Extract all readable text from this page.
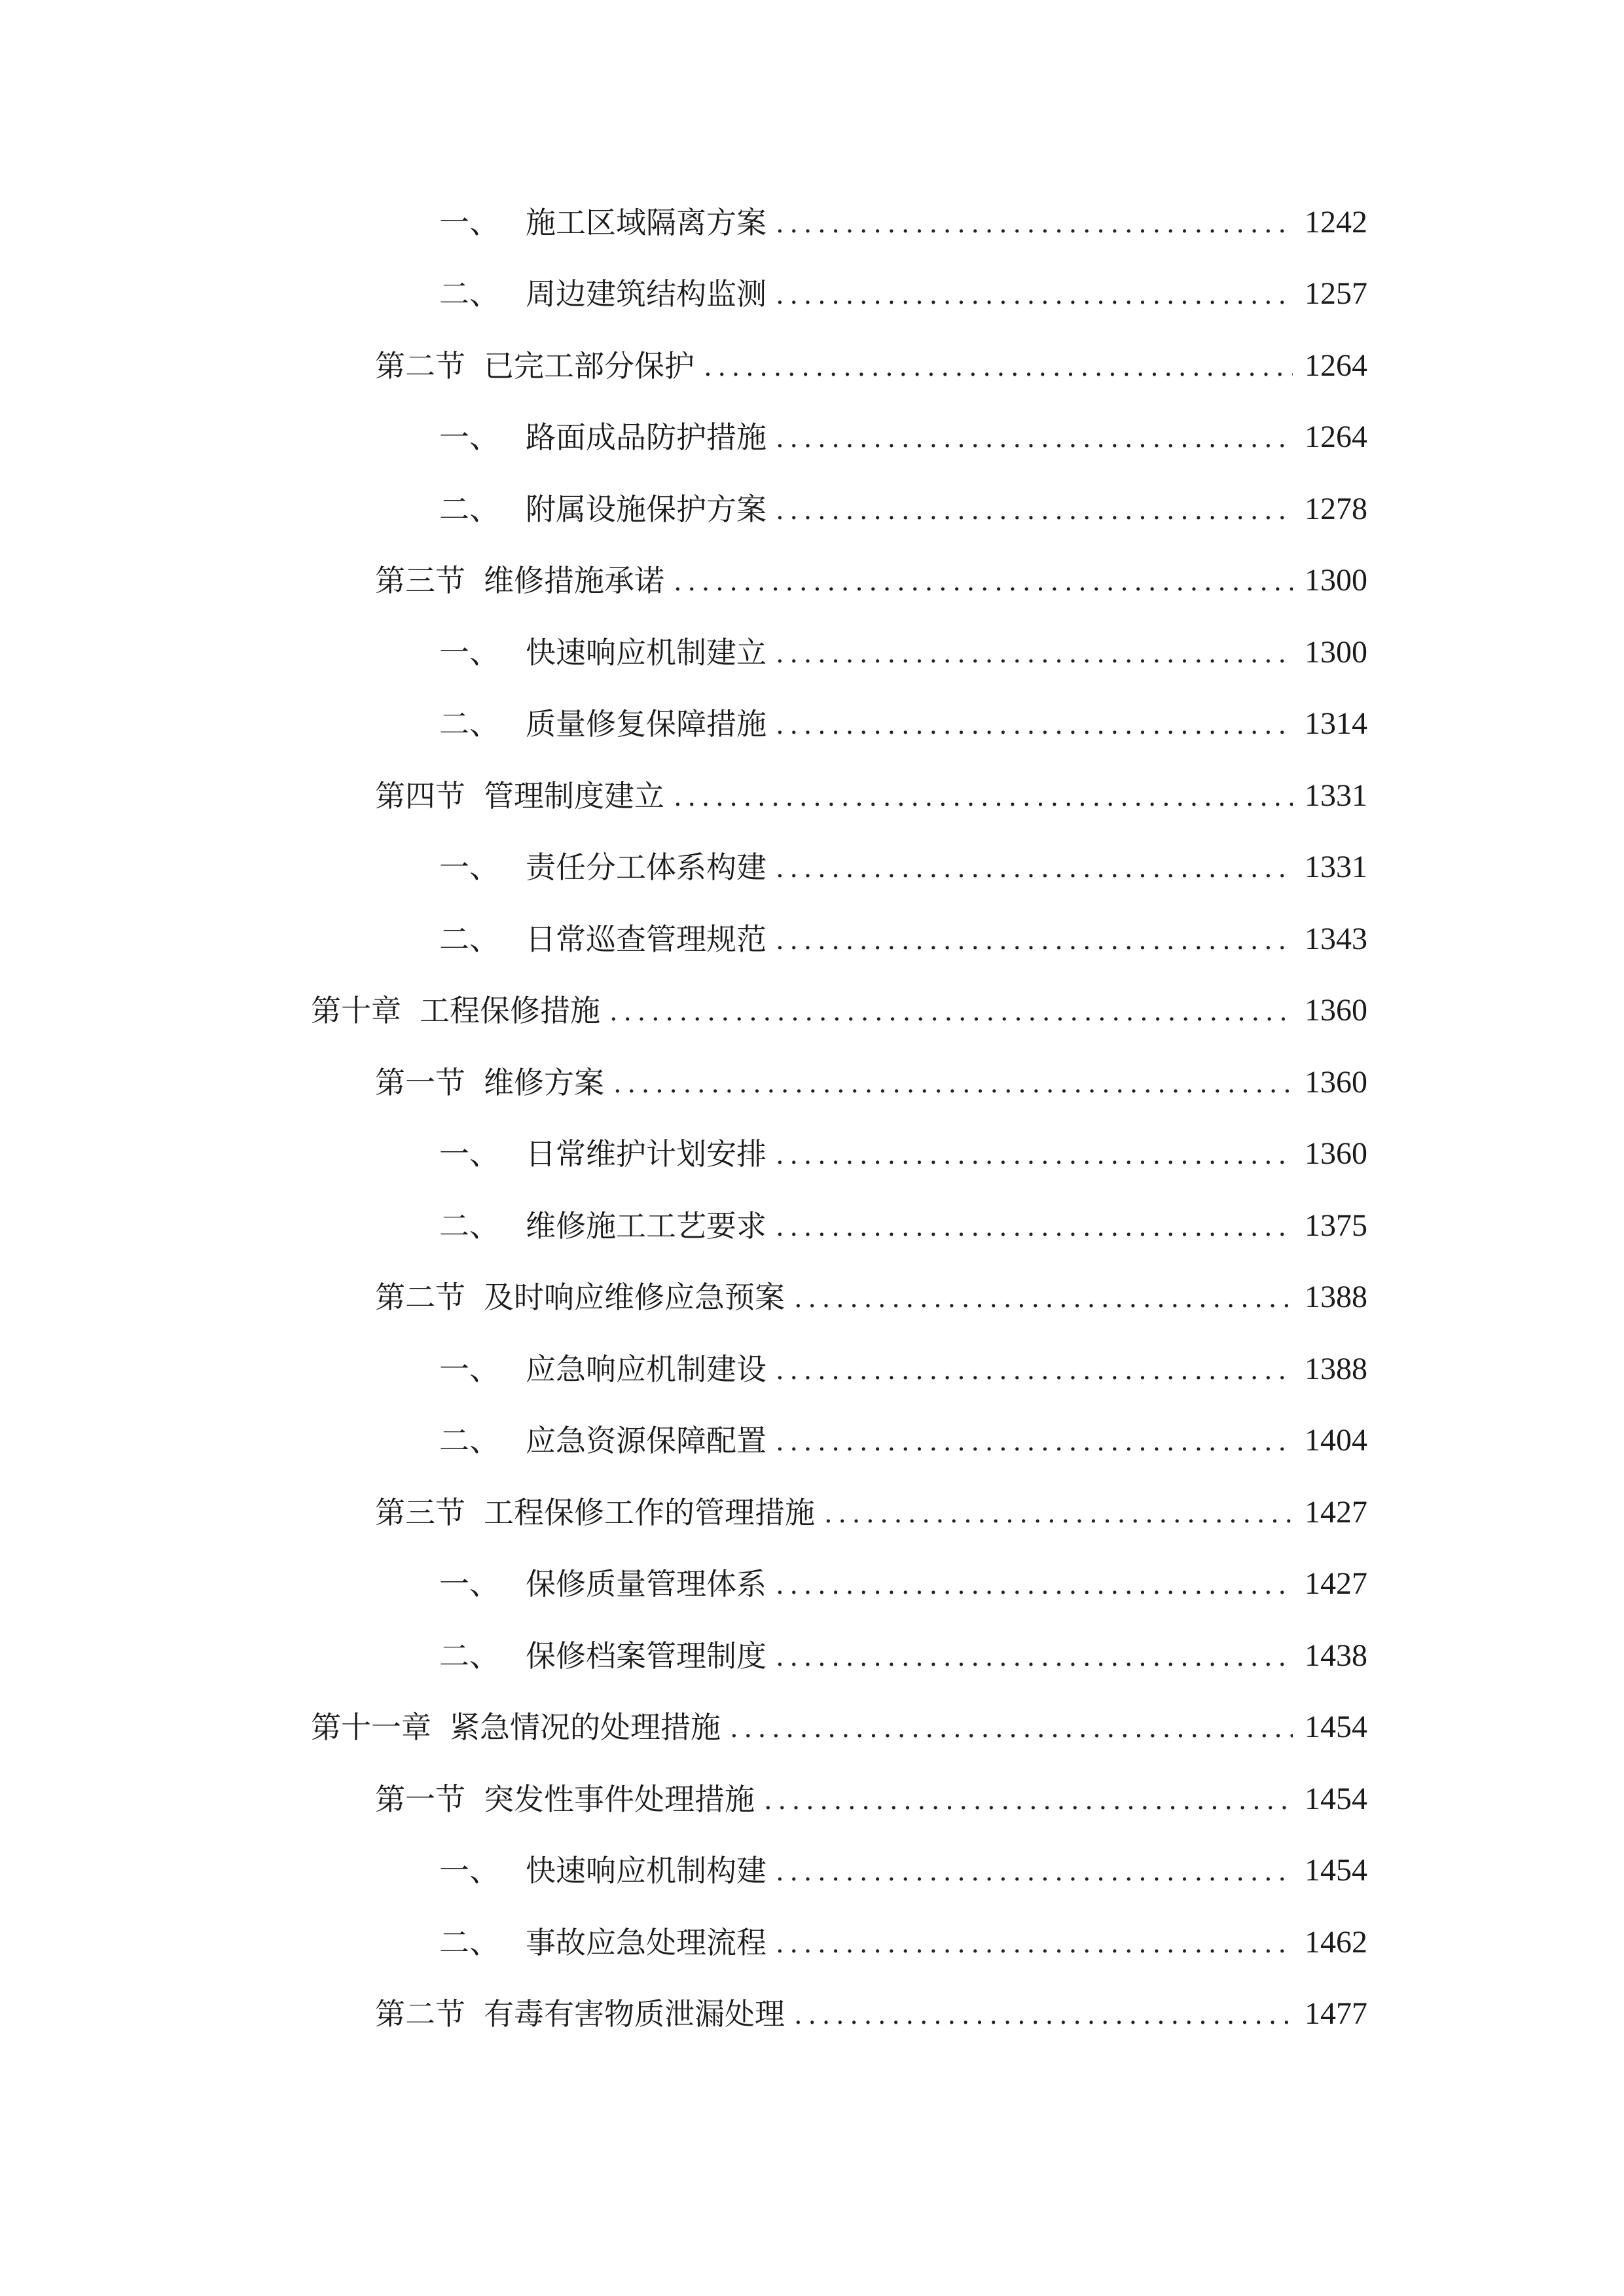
一、 施工区域隔离方案 .....	1242
二、 周边建筑结构监测 .....	1257
第二节 已完工部分保护 .....	1264
一、 路面成品防护措施 .....	1264
二、 附属设施保护方案 .....	1278
第三节 维修措施承诺 .....	1300
一、 快速响应机制建立 .....	1300
二、 质量修复保障措施 .....	1314
第四节 管理制度建立 .....	1331
一、 责任分工体系构建 .....	1331
二、 日常巡查管理规范 .....	1343
第十章 工程保修措施 .....	1360
第一节 维修方案 .....	1360
一、 日常维护计划安排 .....	1360
二、 维修施工工艺要求 .....	1375
第二节 及时响应维修应急预案 .....	1388
一、 应急响应机制建设 .....	1388
二、 应急资源保障配置 .....	1404
第三节 工程保修工作的管理措施 .....	1427
一、 保修质量管理体系 .....	1427
二、 保修档案管理制度 .....	1438
第十一章 紧急情况的处理措施 .....	1454
第一节 突发性事件处理措施 .....	1454
一、 快速响应机制构建 .....	1454
二、 事故应急处理流程 .....	1462
第二节 有毒有害物质泄漏处理 .....	1477
